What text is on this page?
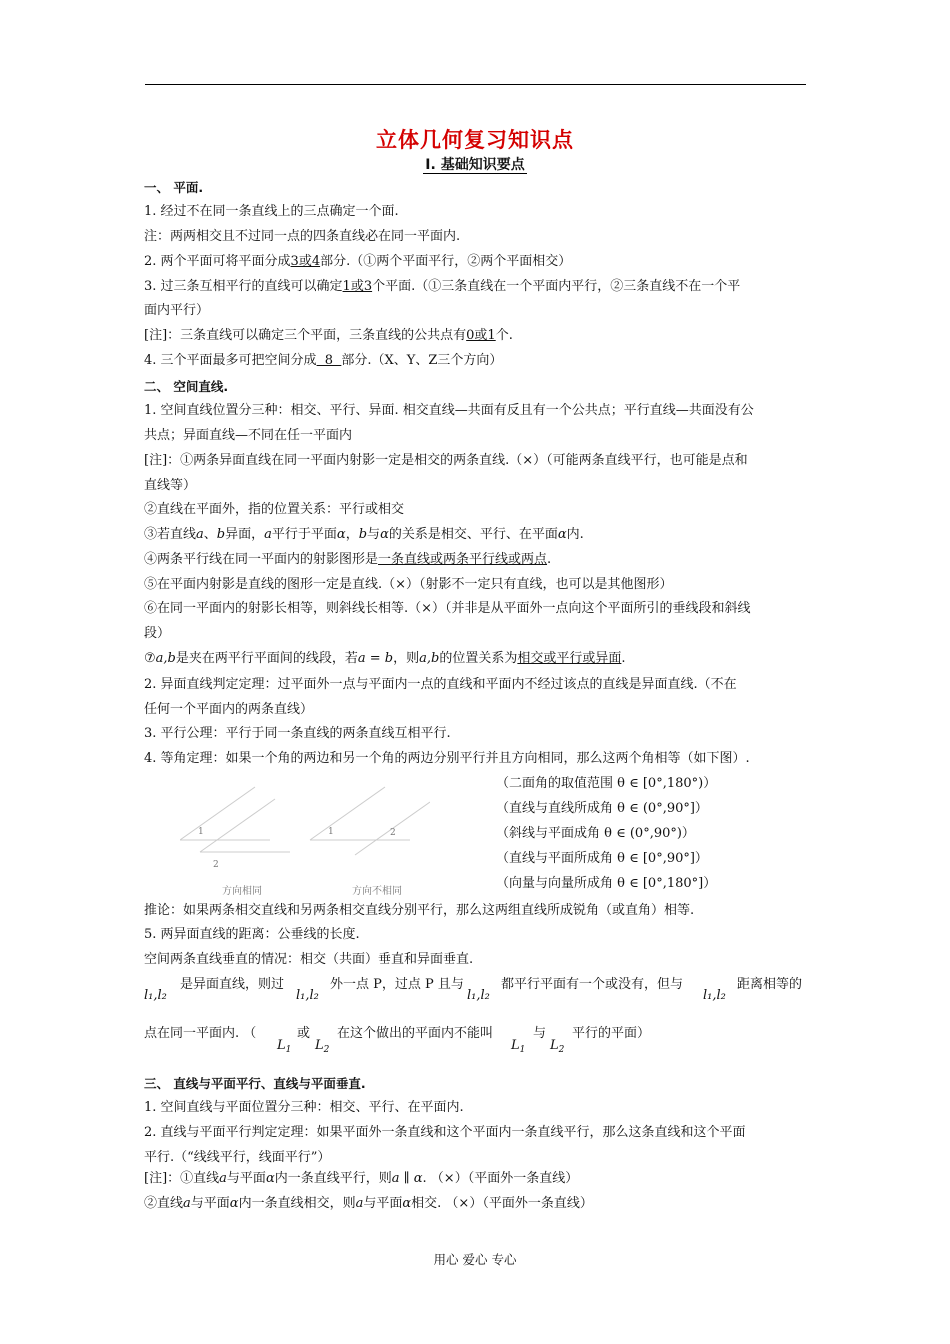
立体几何复习知识点
I. 基础知识要点
一、 平面.
1. 经过不在同一条直线上的三点确定一个面.
注：两两相交且不过同一点的四条直线必在同一平面内.
2. 两个平面可将平面分成3或4部分.（①两个平面平行，②两个平面相交）
3. 过三条互相平行的直线可以确定1或3个平面.（①三条直线在一个平面内平行，②三条直线不在一个平
面内平行）
[注]：三条直线可以确定三个平面，三条直线的公共点有0或1个.
4. 三个平面最多可把空间分成  8  部分.（X、Y、Z三个方向）
二、 空间直线.
1. 空间直线位置分三种：相交、平行、异面. 相交直线—共面有反且有一个公共点；平行直线—共面没有公
共点；异面直线—不同在任一平面内
[注]：①两条异面直线在同一平面内射影一定是相交的两条直线.（×）（可能两条直线平行，也可能是点和
直线等）
②直线在平面外，指的位置关系：平行或相交
③若直线a、b异面，a平行于平面α，b与α的关系是相交、平行、在平面α内.
④两条平行线在同一平面内的射影图形是一条直线或两条平行线或两点.
⑤在平面内射影是直线的图形一定是直线.（×）（射影不一定只有直线，也可以是其他图形）
⑥在同一平面内的射影长相等，则斜线长相等.（×）（并非是从平面外一点向这个平面所引的垂线段和斜线
段）
⑦a,b是夹在两平行平面间的线段，若a = b，则a,b的位置关系为相交或平行或异面.
2. 异面直线判定定理：过平面外一点与平面内一点的直线和平面内不经过该点的直线是异面直线.（不在
任何一个平面内的两条直线）
3. 平行公理：平行于同一条直线的两条直线互相平行.
4. 等角定理：如果一个角的两边和另一个角的两边分别平行并且方向相同，那么这两个角相等（如下图）.
1
2
1	2
方向相同	方向不相同
（二面角的取值范围 θ ∈ [0°,180°)）
（直线与直线所成角 θ ∈ (0°,90°]）
（斜线与平面成角 θ ∈ (0°,90°)）
（直线与平面所成角 θ ∈ [0°,90°]）
（向量与向量所成角 θ ∈ [0°,180°]）
推论：如果两条相交直线和另两条相交直线分别平行，那么这两组直线所成锐角（或直角）相等.
5. 两异面直线的距离：公垂线的长度.
空间两条直线垂直的情况：相交（共面）垂直和异面垂直.
l₁,l₂
是异面直线，则过
l₁,l₂
外一点 P，过点 P 且与
l₁,l₂
都平行平面有一个或没有，但与
l₁,l₂
距离相等的
点在同一平面内. （
$L_1$
或
$L_2$
在这个做出的平面内不能叫
$L_1$
与
$L_2$
平行的平面）
三、 直线与平面平行、直线与平面垂直.
1. 空间直线与平面位置分三种：相交、平行、在平面内.
2. 直线与平面平行判定定理：如果平面外一条直线和这个平面内一条直线平行，那么这条直线和这个平面
平行.（“线线平行，线面平行”）
[注]：①直线a与平面α内一条直线平行，则a ∥ α. （×）（平面外一条直线）
②直线a与平面α内一条直线相交，则a与平面α相交. （×）（平面外一条直线）
用心 爱心 专心
